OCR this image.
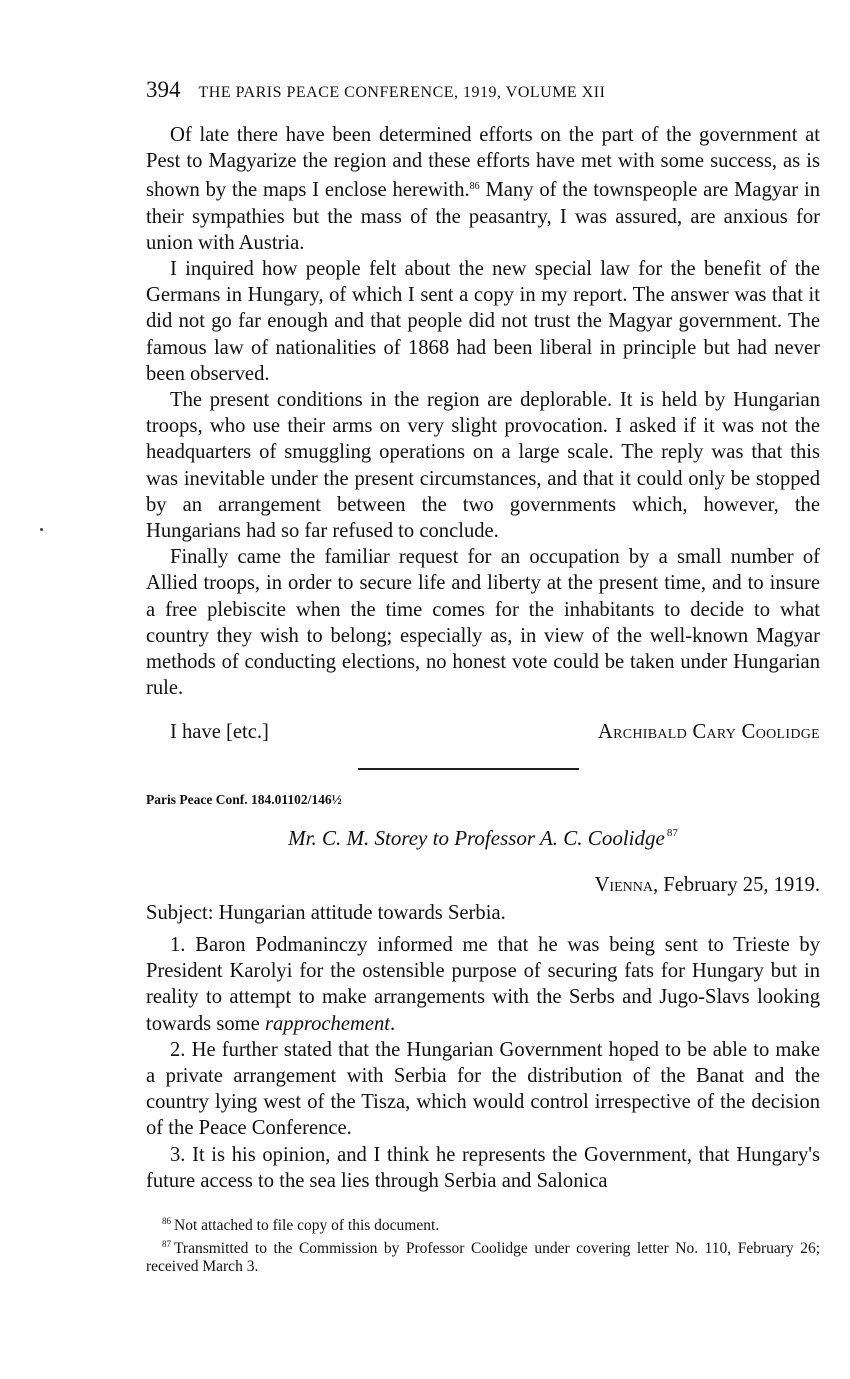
394 THE PARIS PEACE CONFERENCE, 1919, VOLUME XII

Of late there have been determined efforts on the part of the government at Pest to Magyarize the region and these efforts have met with some success, as is shown by the maps I enclose herewith.$^{86}$ Many of the townspeople are Magyar in their sympathies but the mass of the peasantry, I was assured, are anxious for union with Austria.

I inquired how people felt about the new special law for the benefit of the Germans in Hungary, of which I sent a copy in my report. The answer was that it did not go far enough and that people did not trust the Magyar government. The famous law of nationalities of 1868 had been liberal in principle but had never been observed.

The present conditions in the region are deplorable. It is held by Hungarian troops, who use their arms on very slight provocation. I asked if it was not the headquarters of smuggling operations on a large scale. The reply was that this was inevitable under the present circumstances, and that it could only be stopped by an arrangement between the two governments which, however, the Hungarians had so far refused to conclude.

Finally came the familiar request for an occupation by a small number of Allied troops, in order to secure life and liberty at the present time, and to insure a free plebiscite when the time comes for the inhabitants to decide to what country they wish to belong; especially as, in view of the well-known Magyar methods of conducting elections, no honest vote could be taken under Hungarian rule.

I have [etc.]	Archibald Cary Coolidge
Paris Peace Conf. 184.01102/146½
Mr. C. M. Storey to Professor A. C. Coolidge $^{87}$
Vienna, February 25, 1919.
Subject: Hungarian attitude towards Serbia.

1. Baron Podmaninczy informed me that he was being sent to Trieste by President Karolyi for the ostensible purpose of securing fats for Hungary but in reality to attempt to make arrangements with the Serbs and Jugo-Slavs looking towards some rapprochement.

2. He further stated that the Hungarian Government hoped to be able to make a private arrangement with Serbia for the distribution of the Banat and the country lying west of the Tisza, which would control irrespective of the decision of the Peace Conference.

3. It is his opinion, and I think he represents the Government, that Hungary's future access to the sea lies through Serbia and Salonica

$^{86}$ Not attached to file copy of this document.

$^{87}$ Transmitted to the Commission by Professor Coolidge under covering letter No. 110, February 26; received March 3.
